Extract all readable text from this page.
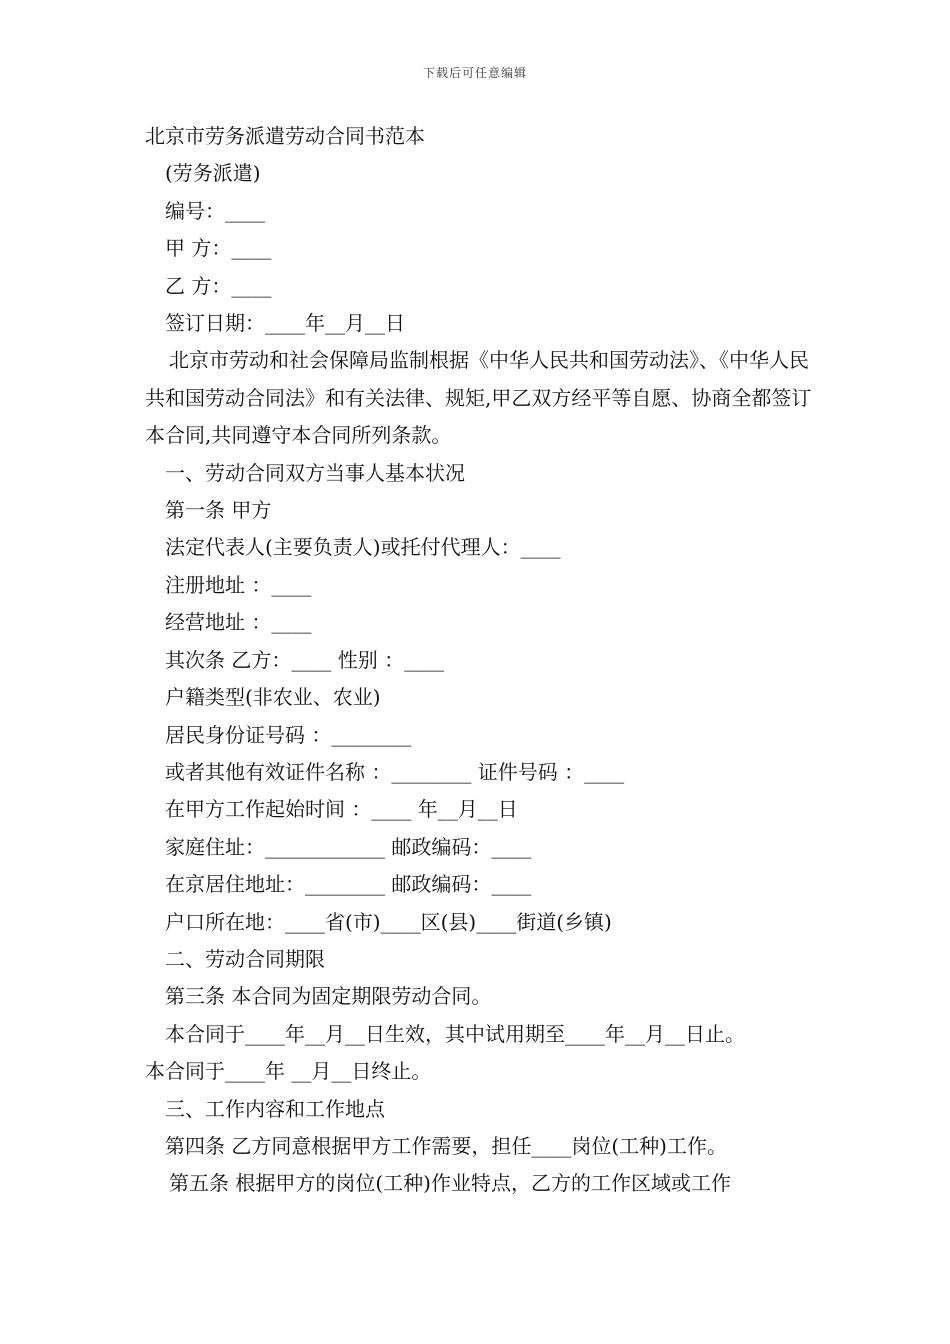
下载后可任意编辑

北京市劳务派遣劳动合同书范本

(劳务派遣)

编号：____

甲 方：____

乙 方：____

签订日期：____年__月__日

北京市劳动和社会保障局监制根据《中华人民共和国劳动法》、《中华人民共和国劳动合同法》和有关法律、规矩,甲乙双方经平等自愿、协商全都签订本合同,共同遵守本合同所列条款。

一、劳动合同双方当事人基本状况

第一条 甲方

法定代表人(主要负责人)或托付代理人：____

注册地址 ：____

经营地址 ：____

其次条 乙方：____ 性别 ：____

户籍类型(非农业、农业)

居民身份证号码 ：________

或者其他有效证件名称 ：________ 证件号码 ：____

在甲方工作起始时间 ：____ 年__月__日

家庭住址：____________ 邮政编码：____

在京居住地址：________ 邮政编码：____

户口所在地：____省(市)____区(县)____街道(乡镇)

二、劳动合同期限

第三条 本合同为固定期限劳动合同。

本合同于____年__月__日生效，其中试用期至____年__月__日止。

本合同于____年 __月__日终止。

三、工作内容和工作地点

第四条 乙方同意根据甲方工作需要，担任____岗位(工种)工作。

第五条 根据甲方的岗位(工种)作业特点，乙方的工作区域或工作
